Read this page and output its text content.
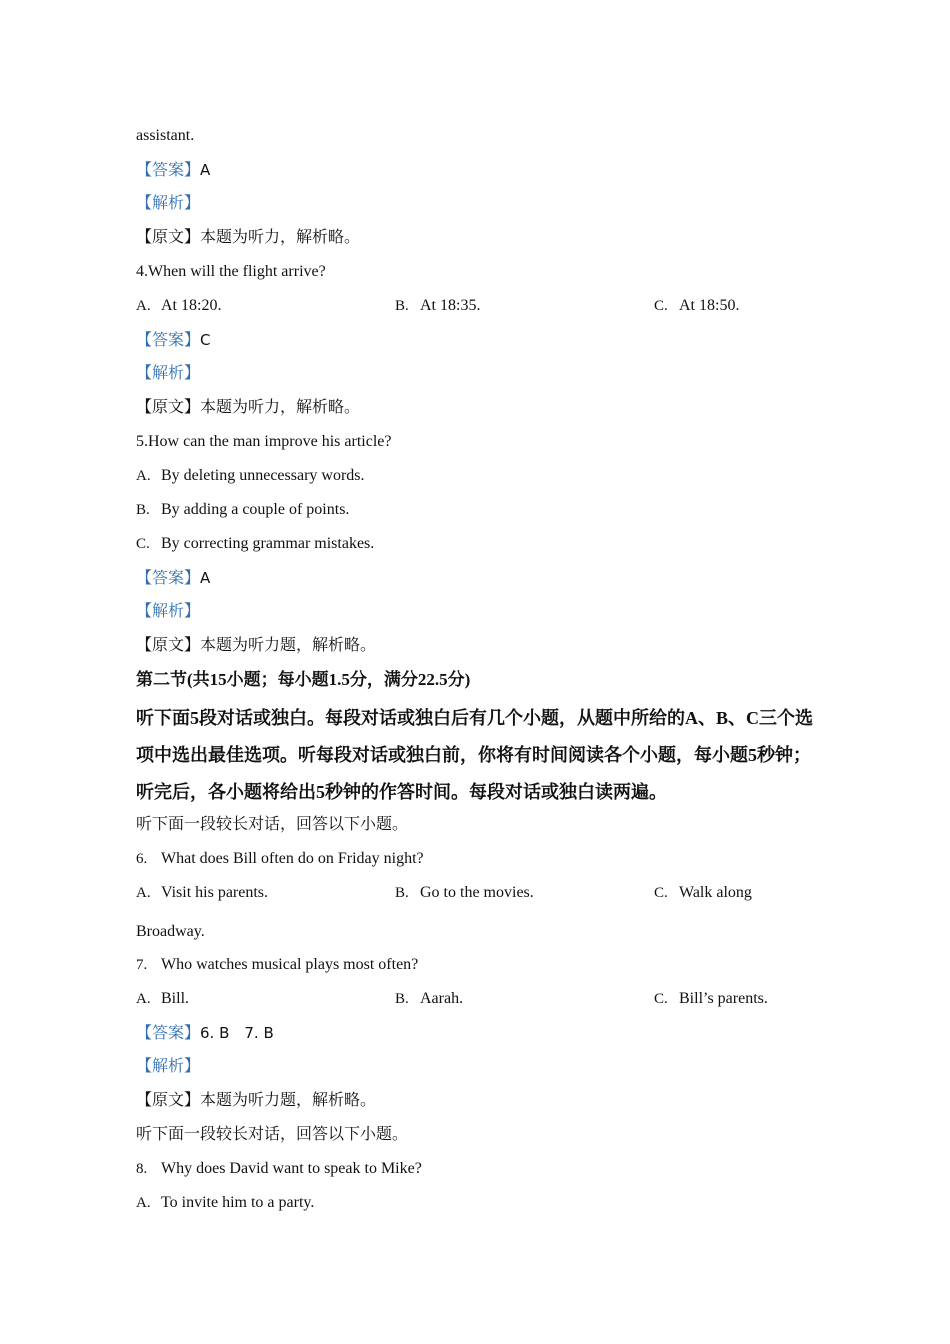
assistant.
【答案】A
【解析】
【原文】本题为听力，解析略。
4.When will the flight arrive?
A. At 18:20.	B. At 18:35.	C. At 18:50.
【答案】C
【解析】
【原文】本题为听力，解析略。
5.How can the man improve his article?
A. By deleting unnecessary words.
B. By adding a couple of points.
C. By correcting grammar mistakes.
【答案】A
【解析】
【原文】本题为听力题，解析略。
第二节(共15小题；每小题1.5分，满分22.5分)
听下面5段对话或独白。每段对话或独白后有几个小题，从题中所给的A、B、C三个选项中选出最佳选项。听每段对话或独白前，你将有时间阅读各个小题，每小题5秒钟；听完后，各小题将给出5秒钟的作答时间。每段对话或独白读两遍。
听下面一段较长对话，回答以下小题。
6. What does Bill often do on Friday night?
A. Visit his parents.	B. Go to the movies.	C. Walk along
Broadway.
7. Who watches musical plays most often?
A. Bill.	B. Aarah.	C. Bill’s parents.
【答案】6. B　7. B
【解析】
【原文】本题为听力题，解析略。
听下面一段较长对话，回答以下小题。
8. Why does David want to speak to Mike?
A. To invite him to a party.
